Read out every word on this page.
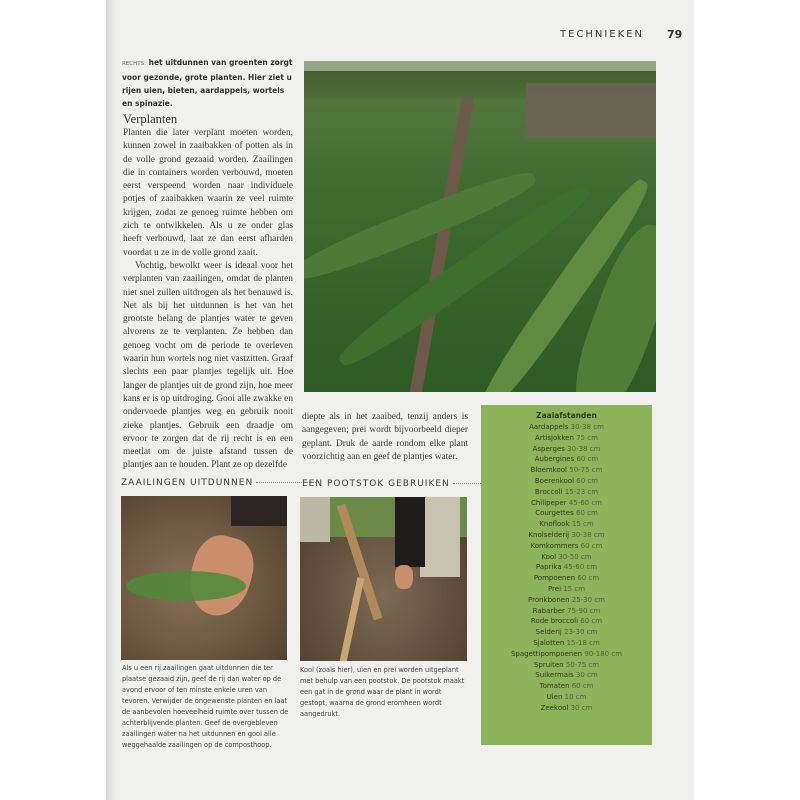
TECHNIEKEN 79
RECHTS: het uitdunnen van groenten zorgt voor gezonde, grote planten. Hier ziet u rijen uien, bieten, aardappels, wortels en spinazie.
Verplanten

Planten die later verplant moeten worden, kunnen zowel in zaaibakken of potten als in de volle grond gezaaid worden. Zaailingen die in containers worden verbouwd, moeten eerst verspeend worden naar individuele potjes of zaaibakken waarin ze veel ruimte krijgen, zodat ze genoeg ruimte hebben om zich te ontwikkelen. Als u ze onder glas heeft verbouwd, laat ze dan eerst afharden voordat u ze in de volle grond zaait.

Vochtig, bewolkt weer is ideaal voor het verplanten van zaailingen, omdat de planten niet snel zullen uitdrogen als het benauwd is. Net als bij het uitdunnen is het van het grootste belang de plantjes water te geven alvorens ze te verplanten. Ze hebben dan genoeg vocht om de periode te overleven waarin hun wortels nog niet vastzitten. Graaf slechts een paar plantjes tegelijk uit. Hoe langer de plantjes uit de grond zijn, hoe meer kans er is op uitdroging. Gooi alle zwakke en ondervoede plantjes weg en gebruik nooit zieke plantjes. Gebruik een draadje om ervoor te zorgen dat de rij recht is en een meetlat om de juiste afstand tussen de plantjes aan te houden. Plant ze op dezelfde

diepte als in het zaaibed, tenzij anders is aangegeven; prei wordt bijvoorbeeld dieper geplant. Druk de aarde rondom elke plant voorzichtig aan en geef de plantjes water.
ZAAILINGEN UITDUNNEN	EEN POOTSTOK GEBRUIKEN
Als u een rij zaailingen gaat uitdunnen die ter plaatse gezaaid zijn, geef de rij dan water op de avond ervoor of ten minste enkele uren van tevoren. Verwijder de ongewenste planten en laat de aanbevolen hoeveelheid ruimte over tussen de achterblijvende planten. Geef de overgebleven zaailingen water na het uitdunnen en gooi alle weggehaalde zaailingen op de composthoop.
Kool (zoals hier), uien en prei worden uitgeplant met behulp van een pootstok. De pootstok maakt een gat in de grond waar de plant in wordt gestopt, waarna de grond eromheen wordt aangedrukt.
Zaaiafstanden
Aardappels 30-38 cm
Artisjokken 75 cm
Asperges 30-38 cm
Aubergines 60 cm
Bloemkool 50-75 cm
Boerenkool 60 cm
Broccoli 15-23 cm
Chilipeper 45-60 cm
Courgettes 60 cm
Knoflook 15 cm
Knolselderij 30-38 cm
Komkommers 60 cm
Kool 30-50 cm
Paprika 45-60 cm
Pompoenen 60 cm
Prei 15 cm
Pronkbonen 25-30 cm
Rabarber 75-90 cm
Rode broccoli 60 cm
Selderij 23-30 cm
Sjalotten 15-18 cm
Spagettipompoenen 90-180 cm
Spruiten 50-75 cm
Suikermais 30 cm
Tomaten 60 cm
Uien 10 cm
Zeekool 30 cm
